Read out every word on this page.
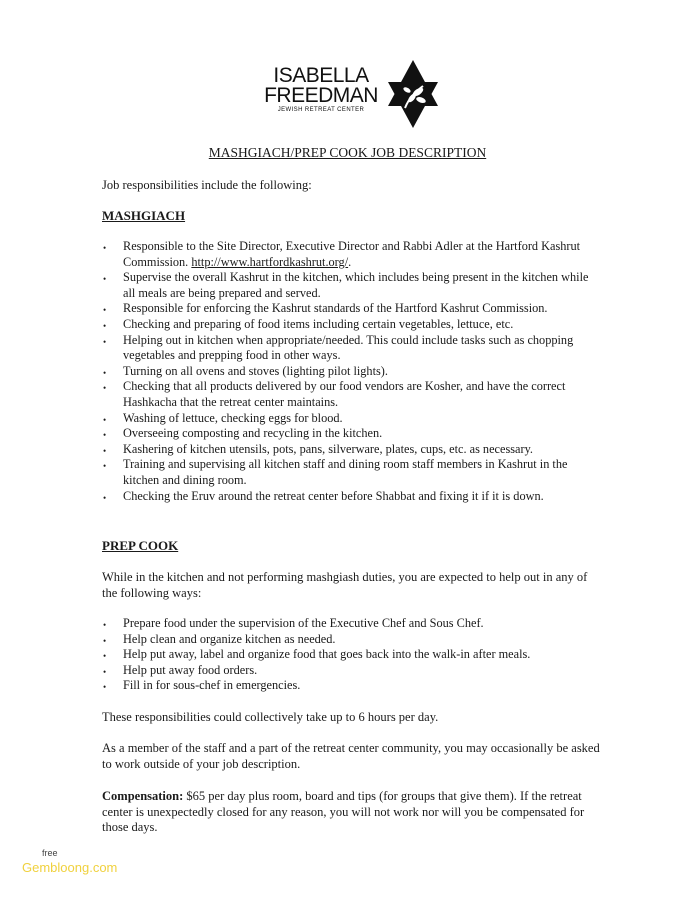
ISABELLA
FREEDMAN
JEWISH RETREAT CENTER
MASHGIACH/PREP COOK JOB DESCRIPTION
Job responsibilities include the following:
MASHGIACH
• Responsible to the Site Director, Executive Director and Rabbi Adler at the Hartford Kashrut Commission. http://www.hartfordkashrut.org/.
• Supervise the overall Kashrut in the kitchen, which includes being present in the kitchen while all meals are being prepared and served.
• Responsible for enforcing the Kashrut standards of the Hartford Kashrut Commission.
• Checking and preparing of food items including certain vegetables, lettuce, etc.
• Helping out in kitchen when appropriate/needed. This could include tasks such as chopping vegetables and prepping food in other ways.
• Turning on all ovens and stoves (lighting pilot lights).
• Checking that all products delivered by our food vendors are Kosher, and have the correct Hashkacha that the retreat center maintains.
• Washing of lettuce, checking eggs for blood.
• Overseeing composting and recycling in the kitchen.
• Kashering of kitchen utensils, pots, pans, silverware, plates, cups, etc. as necessary.
• Training and supervising all kitchen staff and dining room staff members in Kashrut in the kitchen and dining room.
• Checking the Eruv around the retreat center before Shabbat and fixing it if it is down.
PREP COOK
While in the kitchen and not performing mashgiash duties, you are expected to help out in any of the following ways:
• Prepare food under the supervision of the Executive Chef and Sous Chef.
• Help clean and organize kitchen as needed.
• Help put away, label and organize food that goes back into the walk-in after meals.
• Help put away food orders.
• Fill in for sous-chef in emergencies.
These responsibilities could collectively take up to 6 hours per day.
As a member of the staff and a part of the retreat center community, you may occasionally be asked to work outside of your job description.
Compensation: $65 per day plus room, board and tips (for groups that give them). If the retreat center is unexpectedly closed for any reason, you will not work nor will you be compensated for those days.
free
Gembloong.com
